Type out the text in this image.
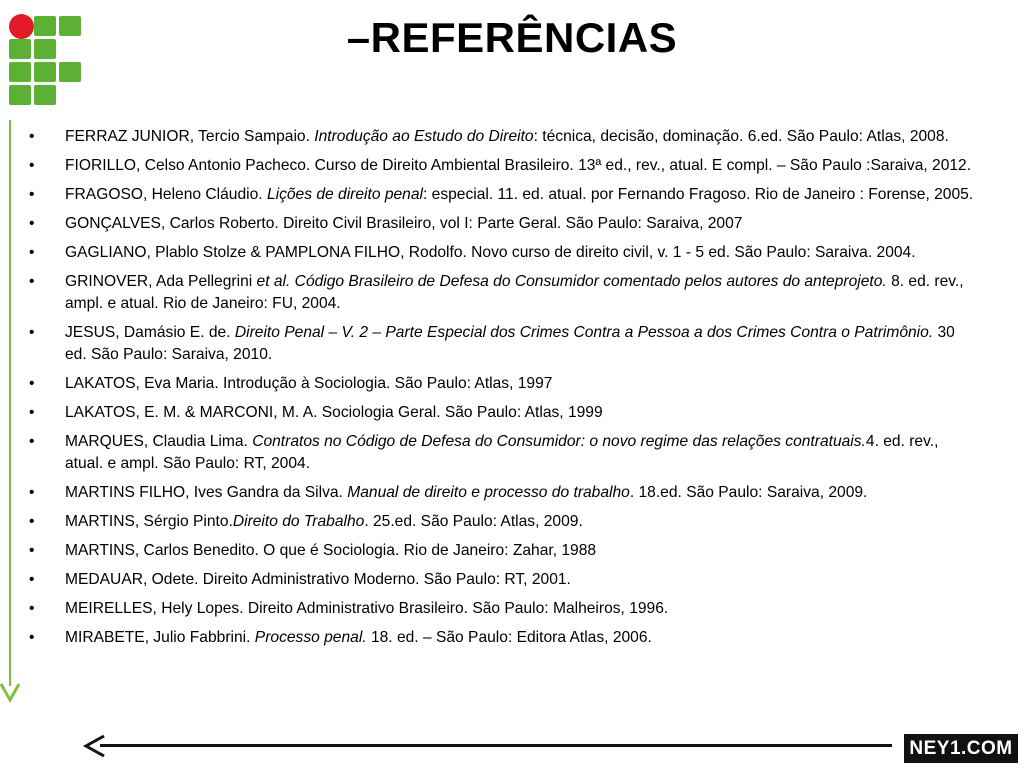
–REFERÊNCIAS
• FERRAZ JUNIOR, Tercio Sampaio. Introdução ao Estudo do Direito: técnica, decisão, dominação. 6.ed. São Paulo: Atlas, 2008.
• FIORILLO, Celso Antonio Pacheco. Curso de Direito Ambiental Brasileiro. 13ª ed., rev., atual. E compl. – São Paulo :Saraiva, 2012.
• FRAGOSO, Heleno Cláudio. Lições de direito penal: especial. 11. ed. atual. por Fernando Fragoso. Rio de Janeiro : Forense, 2005.
• GONÇALVES, Carlos Roberto. Direito Civil Brasileiro, vol I: Parte Geral. São Paulo: Saraiva, 2007
• GAGLIANO, Plablo Stolze & PAMPLONA FILHO, Rodolfo. Novo curso de direito civil, v. 1 - 5 ed. São Paulo: Saraiva. 2004.
• GRINOVER, Ada Pellegrini et al. Código Brasileiro de Defesa do Consumidor comentado pelos autores do anteprojeto. 8. ed. rev., ampl. e atual. Rio de Janeiro: FU, 2004.
• JESUS, Damásio E. de. Direito Penal – V. 2 – Parte Especial dos Crimes Contra a Pessoa a dos Crimes Contra o Patrimônio. 30 ed. São Paulo: Saraiva, 2010.
• LAKATOS, Eva Maria. Introdução à Sociologia. São Paulo: Atlas, 1997
• LAKATOS, E. M. & MARCONI, M. A. Sociologia Geral. São Paulo: Atlas, 1999
• MARQUES, Claudia Lima. Contratos no Código de Defesa do Consumidor: o novo regime das relações contratuais.4. ed. rev., atual. e ampl. São Paulo: RT, 2004.
• MARTINS FILHO, Ives Gandra da Silva. Manual de direito e processo do trabalho. 18.ed. São Paulo: Saraiva, 2009.
• MARTINS, Sérgio Pinto.Direito do Trabalho. 25.ed. São Paulo: Atlas, 2009.
• MARTINS, Carlos Benedito. O que é Sociologia. Rio de Janeiro: Zahar, 1988
• MEDAUAR, Odete. Direito Administrativo Moderno. São Paulo: RT, 2001.
• MEIRELLES, Hely Lopes. Direito Administrativo Brasileiro. São Paulo: Malheiros, 1996.
• MIRABETE, Julio Fabbrini. Processo penal. 18. ed. – São Paulo: Editora Atlas, 2006.
NEY1.COM
